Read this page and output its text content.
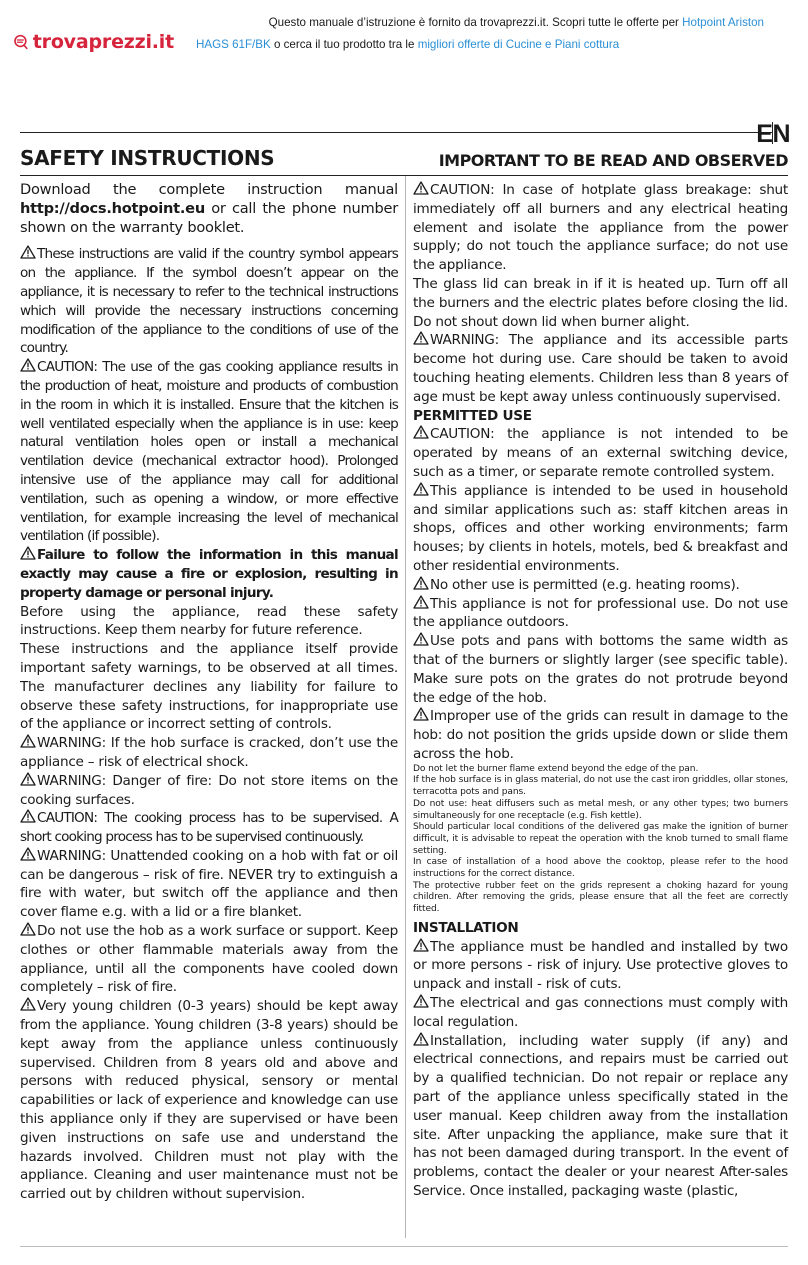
trovaprezzi.it
Questo manuale d’istruzione è fornito da trovaprezzi.it. Scopri tutte le offerte per Hotpoint Ariston
HAGS 61F/BK o cerca il tuo prodotto tra le migliori offerte di Cucine e Piani cottura
EN
SAFETY INSTRUCTIONS	IMPORTANT TO BE READ AND OBSERVED

Download the complete instruction manual http://docs.hotpoint.eu or call the phone number shown on the warranty booklet.

These instructions are valid if the country symbol appears on the appliance. If the symbol doesn’t appear on the appliance, it is necessary to refer to the technical instructions which will provide the necessary instructions concerning modification of the appliance to the conditions of use of the country.

CAUTION: The use of the gas cooking appliance results in the production of heat, moisture and products of combustion in the room in which it is installed. Ensure that the kitchen is well ventilated especially when the appliance is in use: keep natural ventilation holes open or install a mechanical ventilation device (mechanical extractor hood). Prolonged intensive use of the appliance may call for additional ventilation, such as opening a window, or more effective ventilation, for example increasing the level of mechanical ventilation (if possible).

Failure to follow the information in this manual exactly may cause a fire or explosion, resulting in property damage or personal injury.

Before using the appliance, read these safety instructions. Keep them nearby for future reference.

These instructions and the appliance itself provide important safety warnings, to be observed at all times. The manufacturer declines any liability for failure to observe these safety instructions, for inappropriate use of the appliance or incorrect setting of controls.

WARNING: If the hob surface is cracked, don’t use the appliance – risk of electrical shock.

WARNING: Danger of fire: Do not store items on the cooking surfaces.

CAUTION: The cooking process has to be supervised. A short cooking process has to be supervised continuously.

WARNING: Unattended cooking on a hob with fat or oil can be dangerous – risk of fire. NEVER try to extinguish a fire with water, but switch off the appliance and then cover flame e.g. with a lid or a fire blanket.

Do not use the hob as a work surface or support. Keep clothes or other flammable materials away from the appliance, until all the components have cooled down completely – risk of fire.

Very young children (0-3 years) should be kept away from the appliance. Young children (3-8 years) should be kept away from the appliance unless continuously supervised. Children from 8 years old and above and persons with reduced physical, sensory or mental capabilities or lack of experience and knowledge can use this appliance only if they are supervised or have been given instructions on safe use and understand the hazards involved. Children must not play with the appliance. Cleaning and user maintenance must not be carried out by children without supervision.

CAUTION: In case of hotplate glass breakage: shut immediately off all burners and any electrical heating element and isolate the appliance from the power supply; do not touch the appliance surface; do not use the appliance.

The glass lid can break in if it is heated up. Turn off all the burners and the electric plates before closing the lid. Do not shout down lid when burner alight.

WARNING: The appliance and its accessible parts become hot during use. Care should be taken to avoid touching heating elements. Children less than 8 years of age must be kept away unless continuously supervised.

PERMITTED USE

CAUTION: the appliance is not intended to be operated by means of an external switching device, such as a timer, or separate remote controlled system.

This appliance is intended to be used in household and similar applications such as: staff kitchen areas in shops, offices and other working environments; farm houses; by clients in hotels, motels, bed & breakfast and other residential environments.

No other use is permitted (e.g. heating rooms).

This appliance is not for professional use. Do not use the appliance outdoors.

Use pots and pans with bottoms the same width as that of the burners or slightly larger (see specific table). Make sure pots on the grates do not protrude beyond the edge of the hob.

Improper use of the grids can result in damage to the hob: do not position the grids upside down or slide them across the hob.

Do not let the burner flame extend beyond the edge of the pan.

If the hob surface is in glass material, do not use the cast iron griddles, ollar stones, terracotta pots and pans.

Do not use: heat diffusers such as metal mesh, or any other types; two burners simultaneously for one receptacle (e.g. Fish kettle).

Should particular local conditions of the delivered gas make the ignition of burner difficult, it is advisable to repeat the operation with the knob turned to small flame setting.

In case of installation of a hood above the cooktop, please refer to the hood instructions for the correct distance.

The protective rubber feet on the grids represent a choking hazard for young children. After removing the grids, please ensure that all the feet are correctly fitted.

INSTALLATION

The appliance must be handled and installed by two or more persons - risk of injury. Use protective gloves to unpack and install - risk of cuts.

The electrical and gas connections must comply with local regulation.

Installation, including water supply (if any) and electrical connections, and repairs must be carried out by a qualified technician. Do not repair or replace any part of the appliance unless specifically stated in the user manual. Keep children away from the installation site. After unpacking the appliance, make sure that it has not been damaged during transport. In the event of problems, contact the dealer or your nearest After-sales Service. Once installed, packaging waste (plastic,
